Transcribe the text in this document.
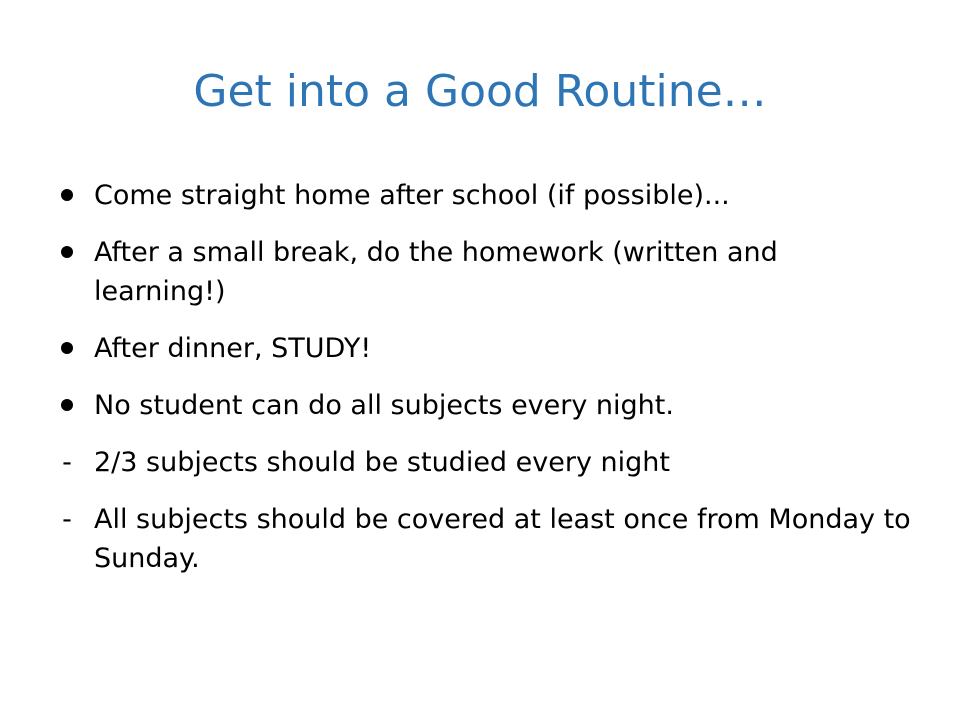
Get into a Good Routine…
Come straight home after school (if possible)...
After a small break, do the homework (written and learning!)
After dinner, STUDY!
No student can do all subjects every night.
- 2/3 subjects should be studied every night
- All subjects should be covered at least once from Monday to Sunday.
